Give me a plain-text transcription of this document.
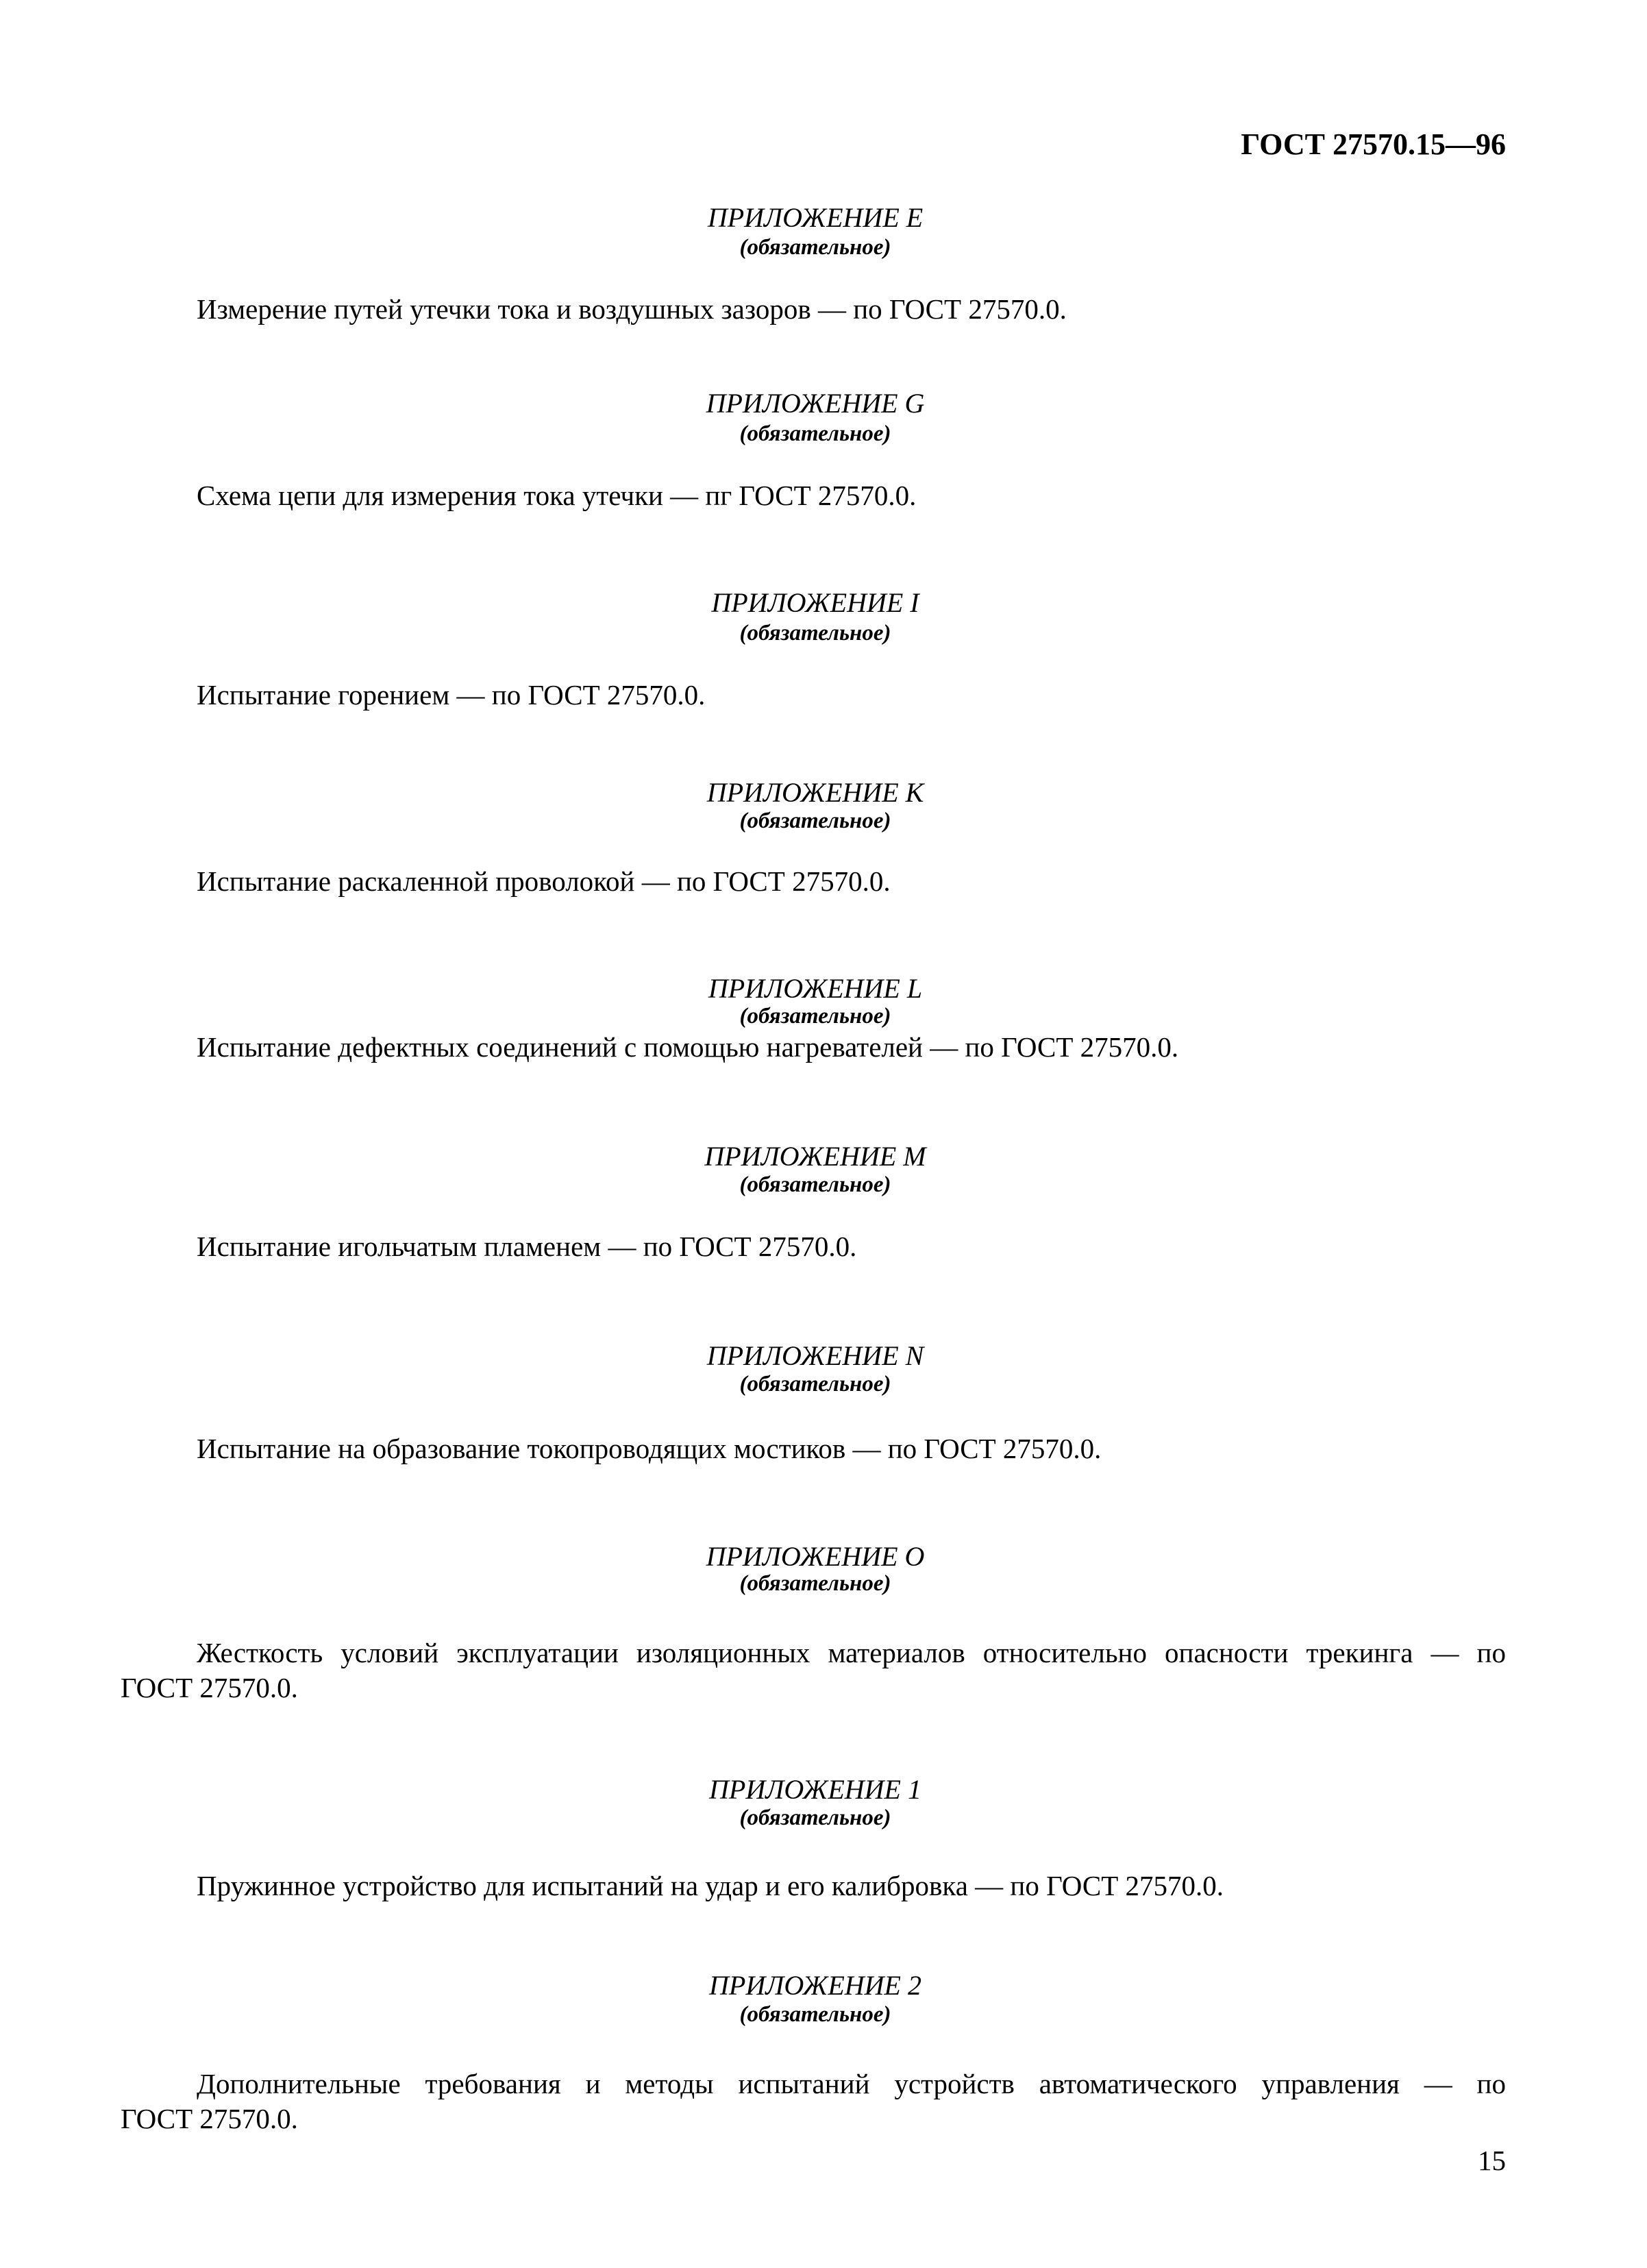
ГОСТ 27570.15—96
ПРИЛОЖЕНИЕ E
(обязательное)
Измерение путей утечки тока и воздушных зазоров — по ГОСТ 27570.0.
ПРИЛОЖЕНИЕ G
(обязательное)
Схема цепи для измерения тока утечки — пг ГОСТ 27570.0.
ПРИЛОЖЕНИЕ I
(обязательное)
Испытание горением — по ГОСТ 27570.0.
ПРИЛОЖЕНИЕ K
(обязательное)
Испытание раскаленной проволокой — по ГОСТ 27570.0.
ПРИЛОЖЕНИЕ L
(обязательное)
Испытание дефектных соединений с помощью нагревателей — по ГОСТ 27570.0.
ПРИЛОЖЕНИЕ M
(обязательное)
Испытание игольчатым пламенем — по ГОСТ 27570.0.
ПРИЛОЖЕНИЕ N
(обязательное)
Испытание на образование токопроводящих мостиков — по ГОСТ 27570.0.
ПРИЛОЖЕНИЕ O
(обязательное)
Жесткость условий эксплуатации изоляционных материалов относительно опасности трекинга — по
ГОСТ 27570.0.
ПРИЛОЖЕНИЕ 1
(обязательное)
Пружинное устройство для испытаний на удар и его калибровка — по ГОСТ 27570.0.
ПРИЛОЖЕНИЕ 2
(обязательное)
Дополнительные требования и методы испытаний устройств автоматического управления — по
ГОСТ 27570.0.
15
